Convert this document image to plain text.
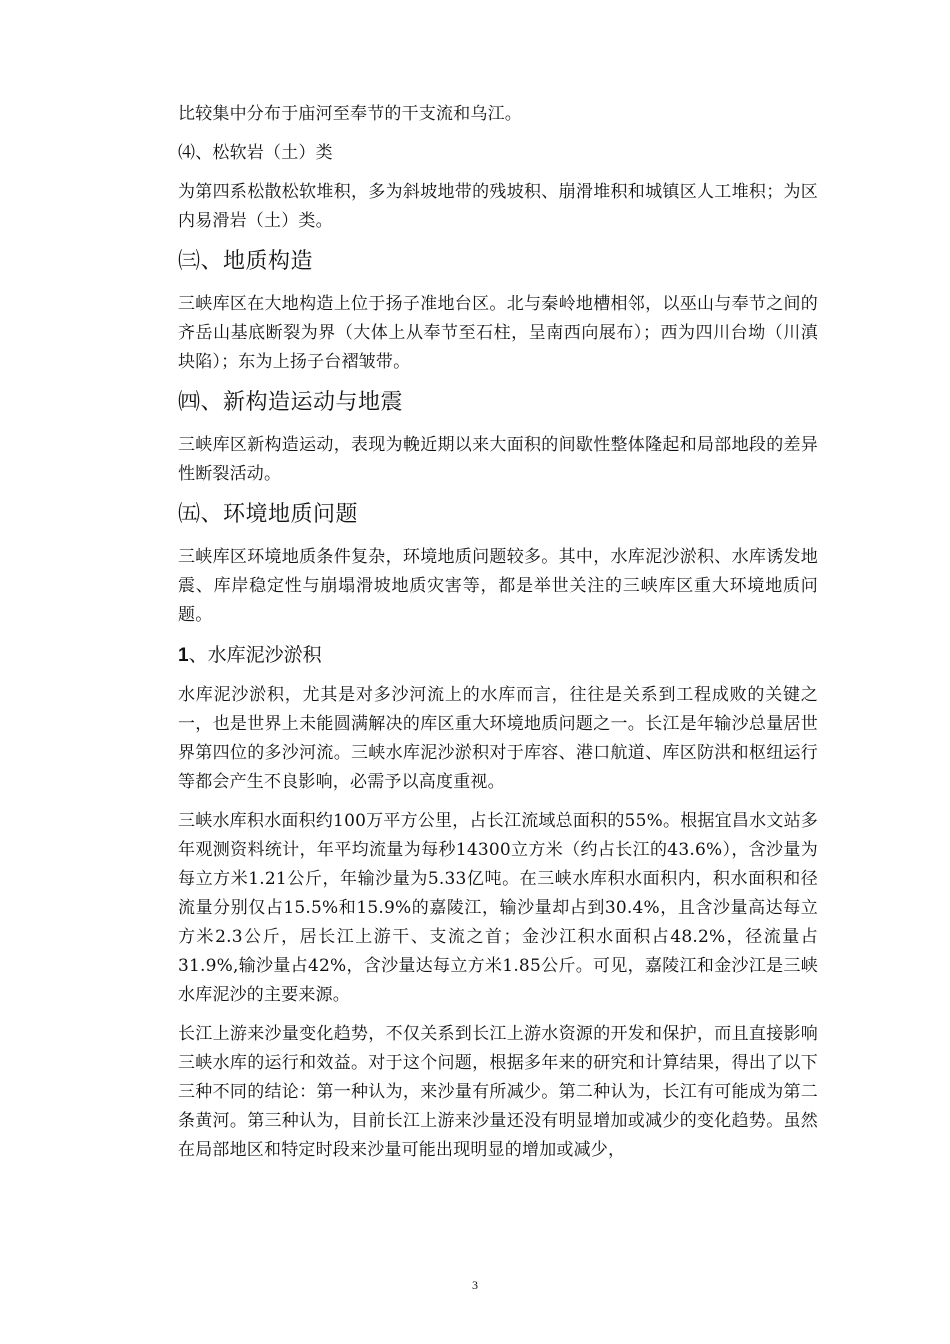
比较集中分布于庙河至奉节的干支流和乌江。

⑷、松软岩（土）类

为第四系松散松软堆积，多为斜坡地带的残坡积、崩滑堆积和城镇区人工堆积；为区内易滑岩（土）类。

㈢、地质构造

三峡库区在大地构造上位于扬子准地台区。北与秦岭地槽相邻，以巫山与奉节之间的齐岳山基底断裂为界（大体上从奉节至石柱，呈南西向展布）；西为四川台坳（川滇块陷）；东为上扬子台褶皱带。

㈣、新构造运动与地震

三峡库区新构造运动，表现为輓近期以来大面积的间歇性整体隆起和局部地段的差异性断裂活动。

㈤、环境地质问题

三峡库区环境地质条件复杂，环境地质问题较多。其中，水库泥沙淤积、水库诱发地震、库岸稳定性与崩塌滑坡地质灾害等，都是举世关注的三峡库区重大环境地质问题。

1、水库泥沙淤积

水库泥沙淤积，尤其是对多沙河流上的水库而言，往往是关系到工程成败的关键之一，也是世界上未能圆满解决的库区重大环境地质问题之一。长江是年输沙总量居世界第四位的多沙河流。三峡水库泥沙淤积对于库容、港口航道、库区防洪和枢纽运行等都会产生不良影响，必需予以高度重视。

三峡水库积水面积约100万平方公里，占长江流域总面积的55%。根据宜昌水文站多年观测资料统计，年平均流量为每秒14300立方米（约占长江的43.6%），含沙量为每立方米1.21公斤，年输沙量为5.33亿吨。在三峡水库积水面积内，积水面积和径流量分别仅占15.5%和15.9%的嘉陵江，输沙量却占到30.4%，且含沙量高达每立方米2.3公斤，居长江上游干、支流之首；金沙江积水面积占48.2%，径流量占31.9%,输沙量占42%，含沙量达每立方米1.85公斤。可见，嘉陵江和金沙江是三峡水库泥沙的主要来源。

长江上游来沙量变化趋势，不仅关系到长江上游水资源的开发和保护，而且直接影响三峡水库的运行和效益。对于这个问题，根据多年来的研究和计算结果，得出了以下三种不同的结论：第一种认为，来沙量有所减少。第二种认为，长江有可能成为第二条黄河。第三种认为，目前长江上游来沙量还没有明显增加或减少的变化趋势。虽然在局部地区和特定时段来沙量可能出现明显的增加或减少，

3
